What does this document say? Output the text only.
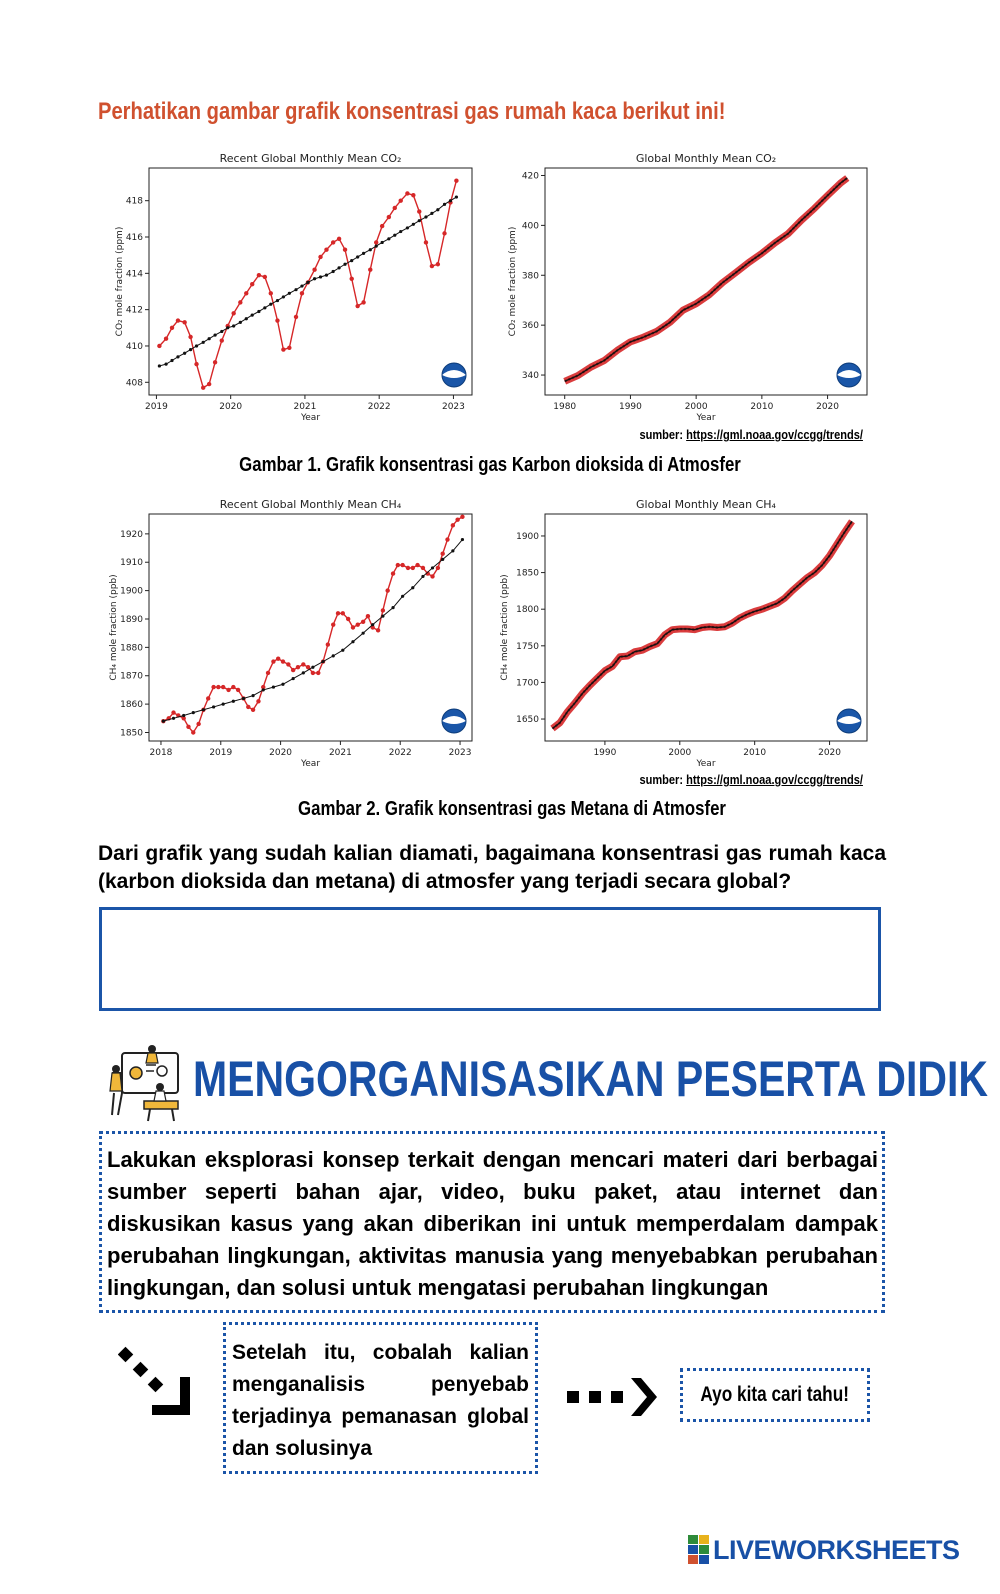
Perhatikan gambar grafik konsentrasi gas rumah kaca berikut ini!
Recent Global Monthly Mean CO₂
2019	2020	2021	2022	2023
408
410
412
414
416
418
Year
CO₂ mole fraction (ppm)
Global Monthly Mean CO₂
1980	1990	2000	2010	2020
340
360
380
400
420
Year
CO₂ mole fraction (ppm)
sumber: https://gml.noaa.gov/ccgg/trends/
Gambar 1. Grafik konsentrasi gas Karbon dioksida di Atmosfer
Recent Global Monthly Mean CH₄
2018	2019	2020	2021	2022	2023
1850
1860
1870
1880
1890
1900
1910
1920
Year
CH₄ mole fraction (ppb)
Global Monthly Mean CH₄
1990	2000	2010	2020
1650
1700
1750
1800
1850
1900
Year
CH₄ mole fraction (ppb)
sumber: https://gml.noaa.gov/ccgg/trends/
Gambar 2. Grafik konsentrasi gas Metana di Atmosfer
Dari grafik yang sudah kalian diamati, bagaimana konsentrasi gas rumah kaca (karbon dioksida dan metana) di atmosfer yang terjadi secara global?
MENGORGANISASIKAN PESERTA DIDIK
Lakukan eksplorasi konsep terkait dengan mencari materi dari berbagai sumber seperti bahan ajar, video, buku paket, atau internet dan diskusikan kasus yang akan diberikan ini untuk memperdalam dampak perubahan lingkungan, aktivitas manusia yang menyebabkan perubahan lingkungan, dan solusi untuk mengatasi perubahan lingkungan
Setelah itu, cobalah kalian menganalisis penyebab terjadinya pemanasan global dan solusinya
Ayo kita cari tahu!
LIVEWORKSHEETS
